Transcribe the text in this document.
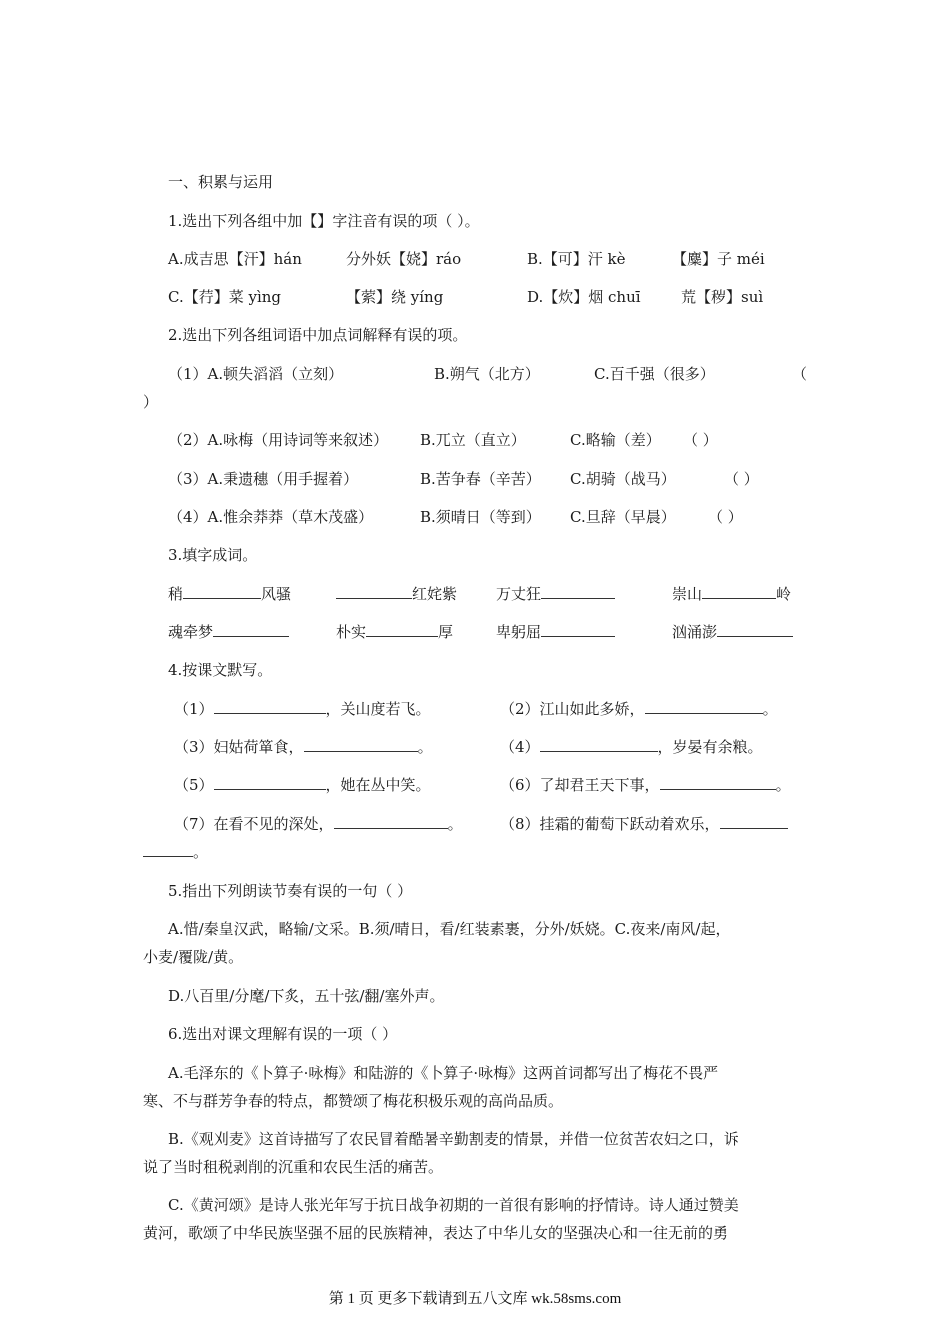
一、积累与运用
1.选出下列各组中加【】字注音有误的项（ ）。
A.成吉思【汗】hán	分外妖【娆】ráo	B.【可】汗 kè	【麋】子 méi
C.【荇】菜 yìng	【萦】绕 yíng	D.【炊】烟 chuī	荒【秽】suì
2.选出下列各组词语中加点词解释有误的项。
（1）A.顿失滔滔（立刻）	B.朔气（北方）	C.百千强（很多）	（
）
（2）A.咏梅（用诗词等来叙述） B.兀立（直立）	C.略输（差） （ ）
（3）A.秉遗穗（用手握着）	B.苦争春（辛苦） C.胡骑（战马）	（ ）
（4）A.惟余莽莽（草木茂盛）	B.须晴日（等到） C.旦辞（早晨） （ ）
3.填字成词。
稍	风骚	红姹紫	万丈狂	崇山	岭
魂牵梦	朴实	厚	卑躬屈	汹涌澎
4.按课文默写。
（1）	，关山度若飞。	（2）江山如此多娇，	。
（3）妇姑荷箪食，	。	（4）	，岁晏有余粮。
（5）	，她在丛中笑。	（6）了却君王天下事，	。
（7）在看不见的深处，	。 （8）挂霜的葡萄下跃动着欢乐，
。
5.指出下列朗读节奏有误的一句（ ）
A.惜/秦皇汉武，略输/文采。B.须/晴日，看/红装素裹，分外/妖娆。C.夜来/南风/起，
小麦/覆陇/黄。
D.八百里/分麾/下炙，五十弦/翻/塞外声。
6.选出对课文理解有误的一项（ ）
A.毛泽东的《卜算子·咏梅》和陆游的《卜算子·咏梅》这两首词都写出了梅花不畏严
寒、不与群芳争春的特点，都赞颂了梅花积极乐观的高尚品质。
B.《观刈麦》这首诗描写了农民冒着酷暑辛勤割麦的情景，并借一位贫苦农妇之口，诉
说了当时租税剥削的沉重和农民生活的痛苦。
C.《黄河颂》是诗人张光年写于抗日战争初期的一首很有影响的抒情诗。诗人通过赞美
黄河，歌颂了中华民族坚强不屈的民族精神，表达了中华儿女的坚强决心和一往无前的勇
第 1 页 更多下载请到五八文库 wk.58sms.com
